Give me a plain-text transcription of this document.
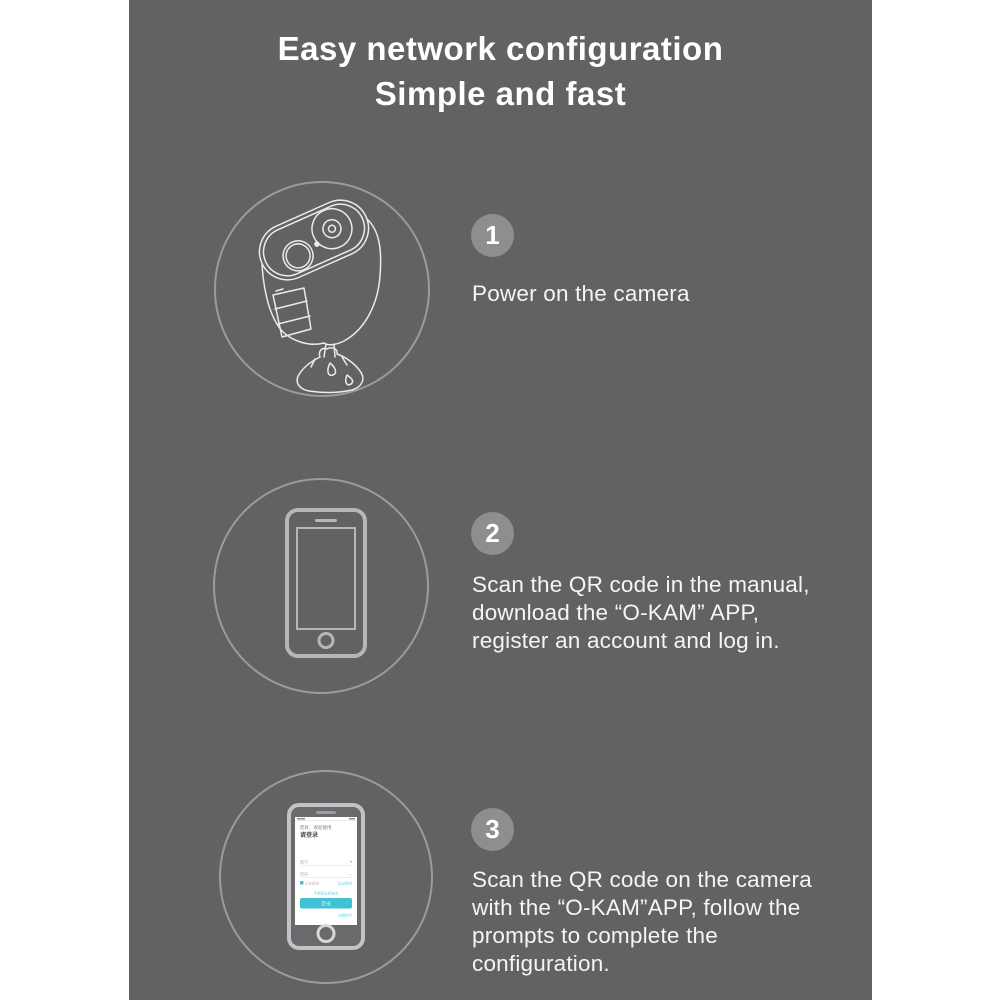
Easy network configuration
Simple and fast
1
Power on the camera
2
Scan the QR code in the manual,
download the “O-KAM” APP,
register an account and log in.
您好，欢迎使用
请登录
账号	▾
密码	◡
记住密码	忘记密码
手机验证码登录
登录
注册账号
3
Scan the QR code on the camera
with the “O-KAM”APP, follow the
prompts to complete the
configuration.
